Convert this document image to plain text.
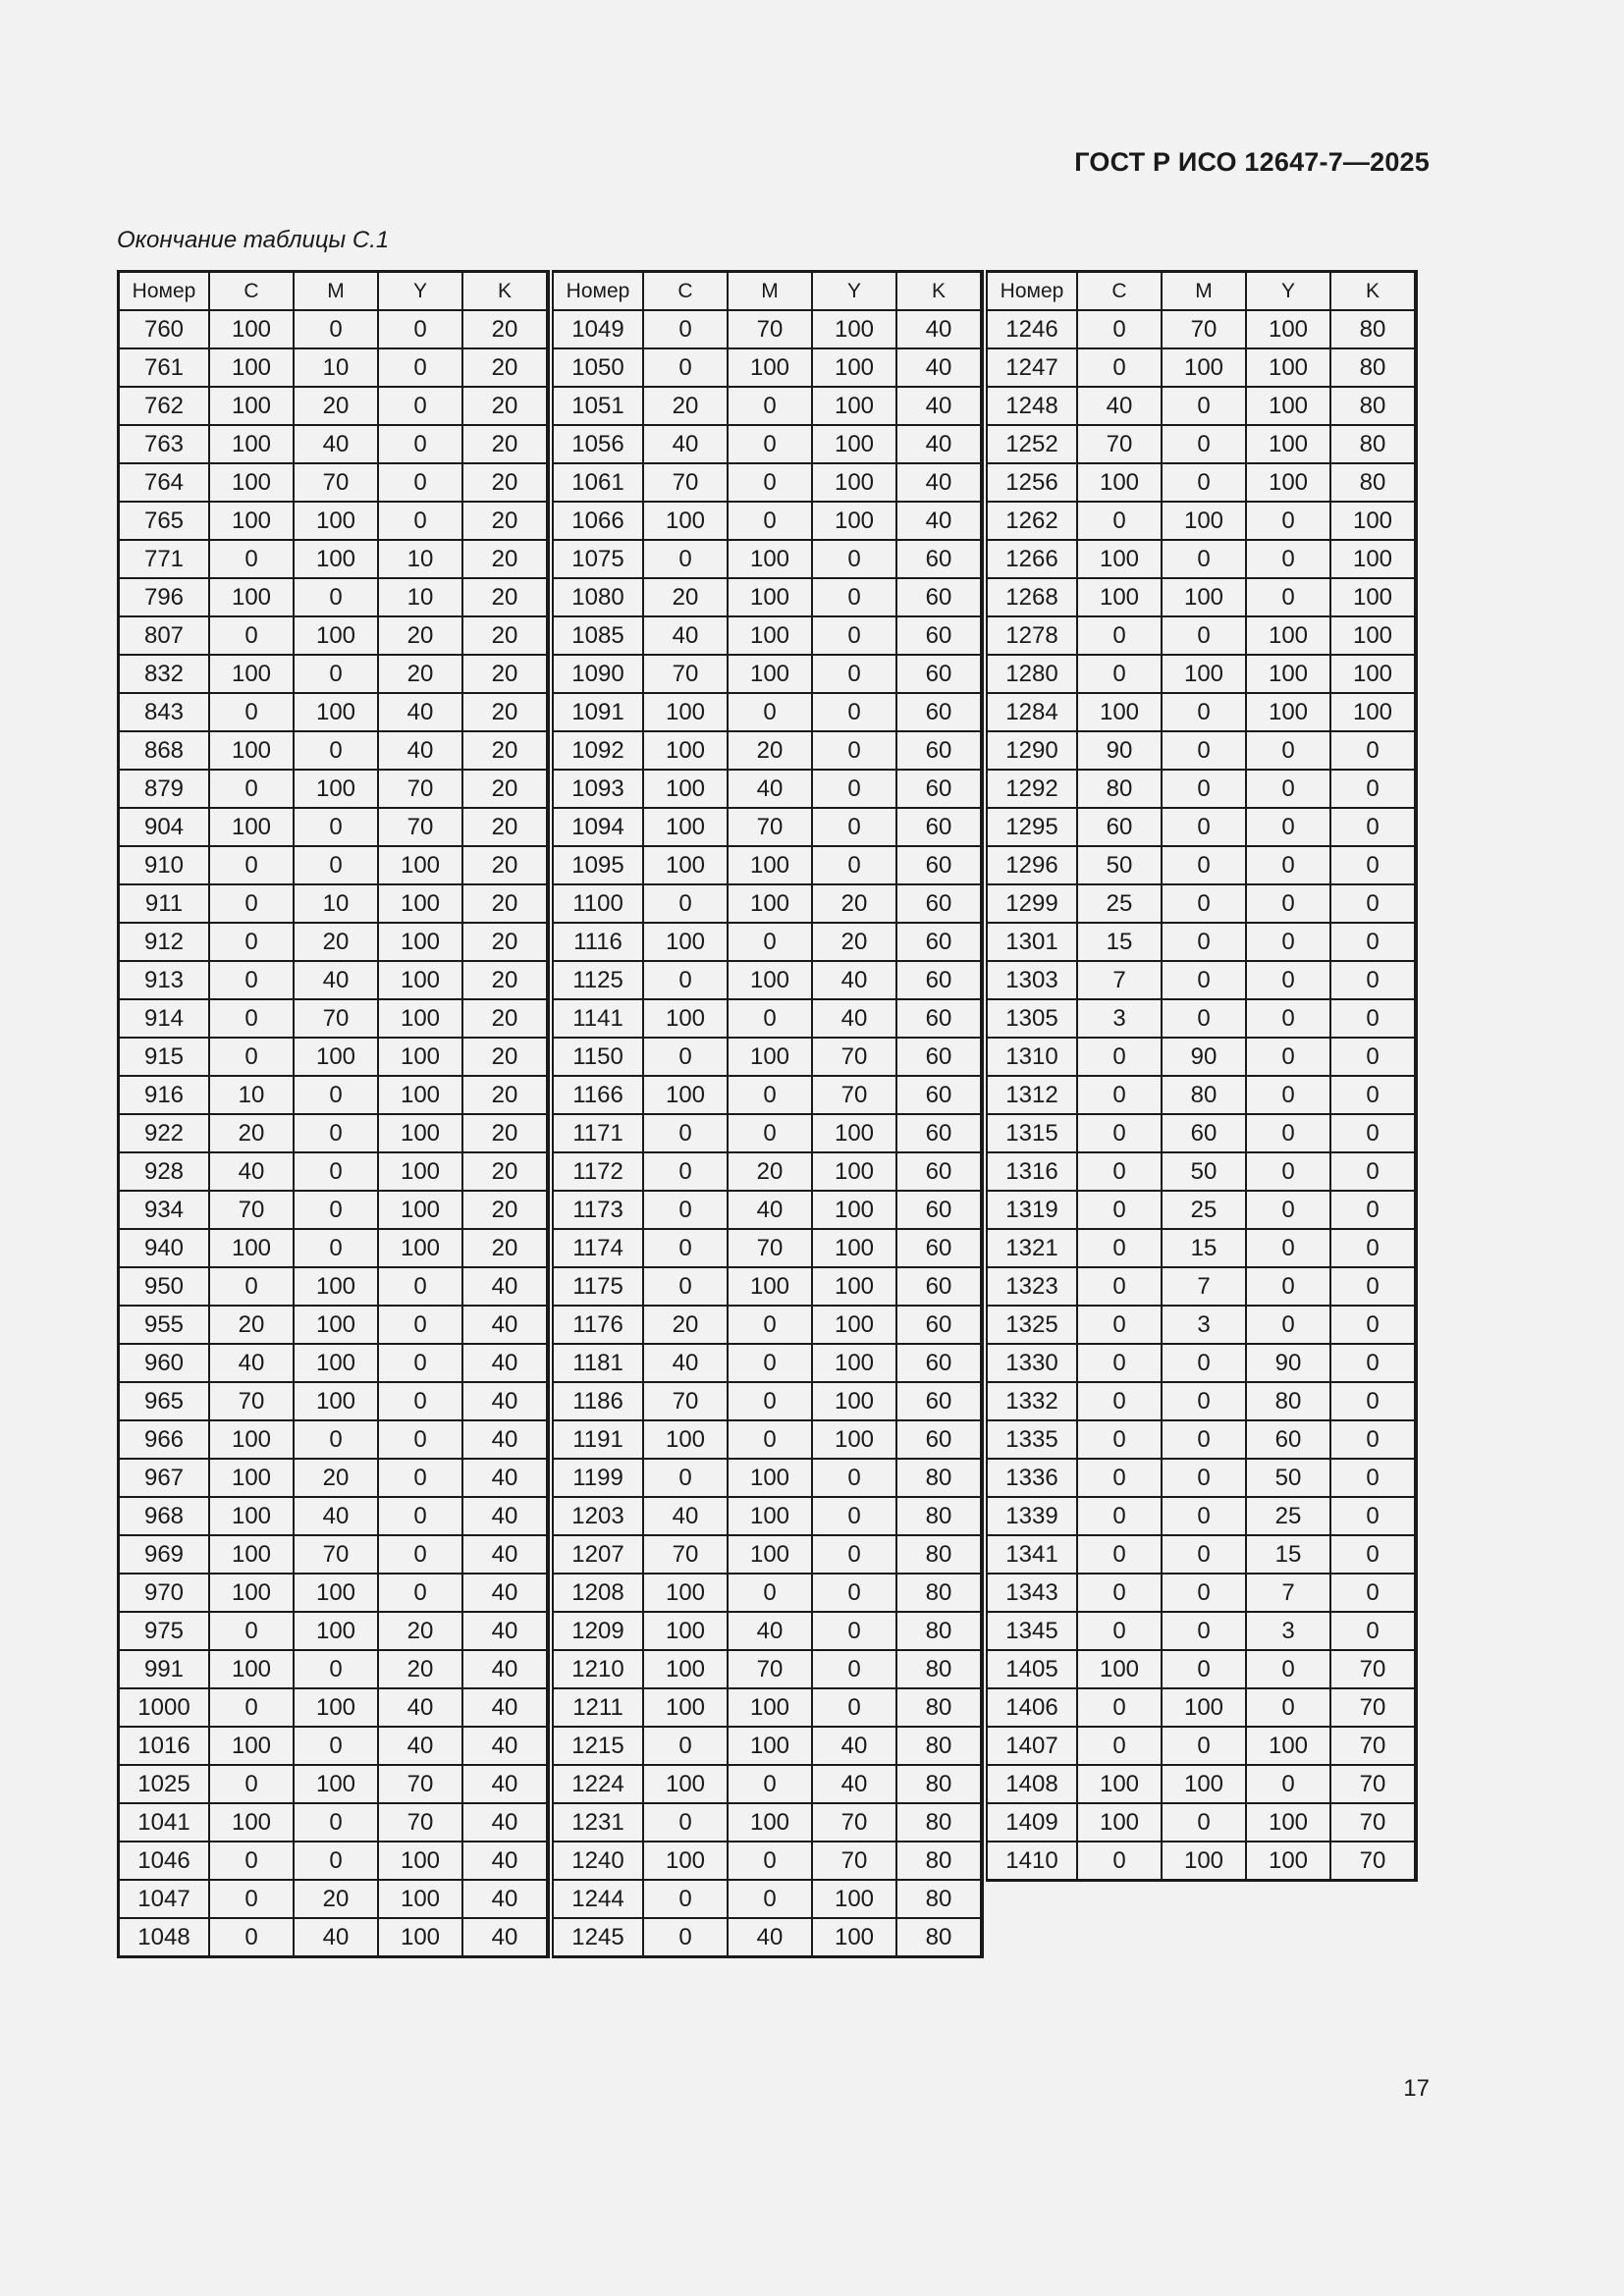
ГОСТ Р ИСО 12647-7—2025
Окончание таблицы С.1
Номер	C	M	Y	K
760	100	0	0	20
761	100	10	0	20
762	100	20	0	20
763	100	40	0	20
764	100	70	0	20
765	100	100	0	20
771	0	100	10	20
796	100	0	10	20
807	0	100	20	20
832	100	0	20	20
843	0	100	40	20
868	100	0	40	20
879	0	100	70	20
904	100	0	70	20
910	0	0	100	20
911	0	10	100	20
912	0	20	100	20
913	0	40	100	20
914	0	70	100	20
915	0	100	100	20
916	10	0	100	20
922	20	0	100	20
928	40	0	100	20
934	70	0	100	20
940	100	0	100	20
950	0	100	0	40
955	20	100	0	40
960	40	100	0	40
965	70	100	0	40
966	100	0	0	40
967	100	20	0	40
968	100	40	0	40
969	100	70	0	40
970	100	100	0	40
975	0	100	20	40
991	100	0	20	40
1000	0	100	40	40
1016	100	0	40	40
1025	0	100	70	40
1041	100	0	70	40
1046	0	0	100	40
1047	0	20	100	40
1048	0	40	100	40
Номер	C	M	Y	K
1049	0	70	100	40
1050	0	100	100	40
1051	20	0	100	40
1056	40	0	100	40
1061	70	0	100	40
1066	100	0	100	40
1075	0	100	0	60
1080	20	100	0	60
1085	40	100	0	60
1090	70	100	0	60
1091	100	0	0	60
1092	100	20	0	60
1093	100	40	0	60
1094	100	70	0	60
1095	100	100	0	60
1100	0	100	20	60
1116	100	0	20	60
1125	0	100	40	60
1141	100	0	40	60
1150	0	100	70	60
1166	100	0	70	60
1171	0	0	100	60
1172	0	20	100	60
1173	0	40	100	60
1174	0	70	100	60
1175	0	100	100	60
1176	20	0	100	60
1181	40	0	100	60
1186	70	0	100	60
1191	100	0	100	60
1199	0	100	0	80
1203	40	100	0	80
1207	70	100	0	80
1208	100	0	0	80
1209	100	40	0	80
1210	100	70	0	80
1211	100	100	0	80
1215	0	100	40	80
1224	100	0	40	80
1231	0	100	70	80
1240	100	0	70	80
1244	0	0	100	80
1245	0	40	100	80
Номер	C	M	Y	K
1246	0	70	100	80
1247	0	100	100	80
1248	40	0	100	80
1252	70	0	100	80
1256	100	0	100	80
1262	0	100	0	100
1266	100	0	0	100
1268	100	100	0	100
1278	0	0	100	100
1280	0	100	100	100
1284	100	0	100	100
1290	90	0	0	0
1292	80	0	0	0
1295	60	0	0	0
1296	50	0	0	0
1299	25	0	0	0
1301	15	0	0	0
1303	7	0	0	0
1305	3	0	0	0
1310	0	90	0	0
1312	0	80	0	0
1315	0	60	0	0
1316	0	50	0	0
1319	0	25	0	0
1321	0	15	0	0
1323	0	7	0	0
1325	0	3	0	0
1330	0	0	90	0
1332	0	0	80	0
1335	0	0	60	0
1336	0	0	50	0
1339	0	0	25	0
1341	0	0	15	0
1343	0	0	7	0
1345	0	0	3	0
1405	100	0	0	70
1406	0	100	0	70
1407	0	0	100	70
1408	100	100	0	70
1409	100	0	100	70
1410	0	100	100	70
17
